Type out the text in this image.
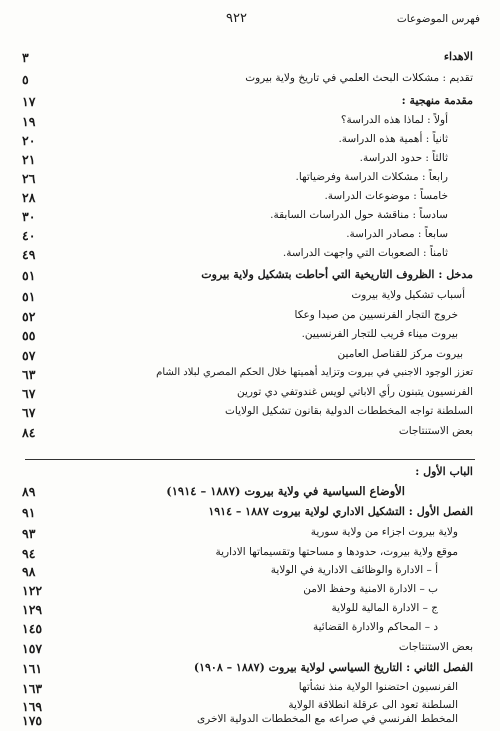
٩٢٢	فهرس الموضوعات
الاهداء
٣
تقديم : مشكلات البحث العلمي في تاريخ ولاية بيروت
٥
مقدمة منهجية :
١٧
أولاً : لماذا هذه الدراسة؟
١٩
ثانياً : أهمية هذه الدراسة.
٢٠
ثالثاً : حدود الدراسة.
٢١
رابعاً : مشكلات الدراسة وفرضياتها.
٢٦
خامساً : موضوعات الدراسة.
٢٨
سادساً : مناقشة حول الدراسات السابقة.
٣٠
سابعاً : مصادر الدراسة.
٤٠
ثامناً : الصعوبات التي واجهت الدراسة.
٤٩
مدخل : الظروف التاريخية التي أحاطت بتشكيل ولاية بيروت
٥١
أسباب تشكيل ولاية بيروت
٥١
خروج التجار الفرنسيين من صيدا وعكا
٥٢
بيروت ميناء قريب للتجار الفرنسيين.
٥٥
بيروت مركز للقناصل العامين
٥٧
تعزز الوجود الاجنبي في بيروت وتزايد أهميتها خلال الحكم المصري لبلاد الشام
٦٣
الفرنسيون يتبنون رأي الاباتي لويس غندوتفي دي تورين
٦٧
السلطنة تواجه المخططات الدولية بقانون تشكيل الولايات
٦٧
بعض الاستنتاجات
٨٤
الباب الأول :
الأوضاع السياسية في ولاية بيروت (١٨٨٧ – ١٩١٤)
٨٩
الفصل الأول : التشكيل الاداري لولاية بيروت ١٨٨٧ – ١٩١٤
٩١
ولاية بيروت اجزاء من ولاية سورية
٩٣
موقع ولاية بيروت، حدودها و مساحتها وتقسيماتها الادارية
٩٤
أ – الادارة والوظائف الادارية في الولاية
٩٨
ب – الادارة الامنية وحفظ الامن
١٢٢
ج – الادارة المالية للولاية
١٢٩
د – المحاكم والادارة القضائية
١٤٥
بعض الاستنتاجات
١٥٧
الفصل الثاني : التاريخ السياسي لولاية بيروت (١٨٨٧ – ١٩٠٨)
١٦١
الفرنسيون احتضنوا الولاية منذ نشأتها
١٦٣
السلطنة تعود الى عرقلة انطلاقة الولاية
١٦٩
المخطط الفرنسي في صراعه مع المخططات الدولية الاخرى
١٧٥
